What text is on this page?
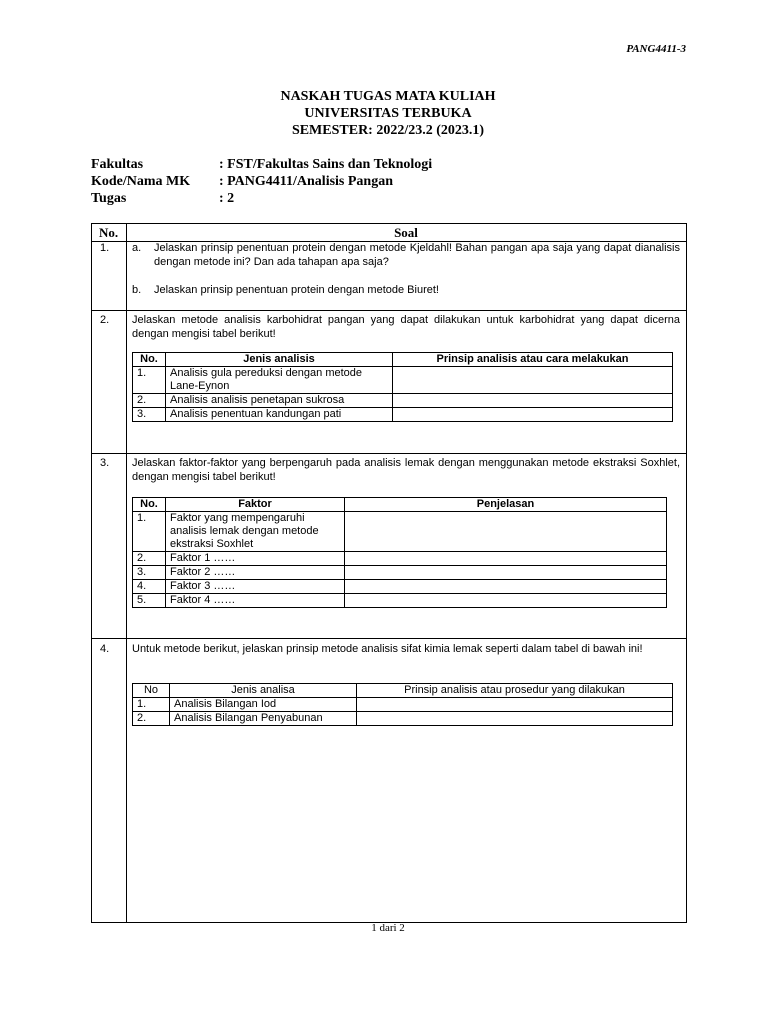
PANG4411-3
NASKAH TUGAS MATA KULIAH
UNIVERSITAS TERBUKA
SEMESTER: 2022/23.2 (2023.1)
Fakultas	: FST/Fakultas Sains dan Teknologi
Kode/Nama MK	: PANG4411/Analisis Pangan
Tugas	: 2
No.	Soal
1. a.	Jelaskan prinsip penentuan protein dengan metode Kjeldahl! Bahan pangan apa saja yang dapat dianalisis dengan metode ini? Dan ada tahapan apa saja?
b.	Jelaskan prinsip penentuan protein dengan metode Biuret!
2. Jelaskan metode analisis karbohidrat pangan yang dapat dilakukan untuk karbohidrat yang dapat dicerna dengan mengisi tabel berikut!
No.	Jenis analisis	Prinsip analisis atau cara melakukan
1.	Analisis gula pereduksi dengan metode Lane-Eynon	
2.	Analisis analisis penetapan sukrosa	
3.	Analisis penentuan kandungan pati	
3. Jelaskan faktor-faktor yang berpengaruh pada analisis lemak dengan menggunakan metode ekstraksi Soxhlet, dengan mengisi tabel berikut!
No.	Faktor	Penjelasan
1.	Faktor yang mempengaruhi analisis lemak dengan metode ekstraksi Soxhlet	
2.	Faktor 1 ……	
3.	Faktor 2 ……	
4.	Faktor 3 ……	
5.	Faktor 4 ……	
4. Untuk metode berikut, jelaskan prinsip metode analisis sifat kimia lemak seperti dalam tabel di bawah ini!
No	Jenis analisa	Prinsip analisis atau prosedur yang dilakukan
1.	Analisis Bilangan Iod	
2.	Analisis Bilangan Penyabunan	
1 dari 2
